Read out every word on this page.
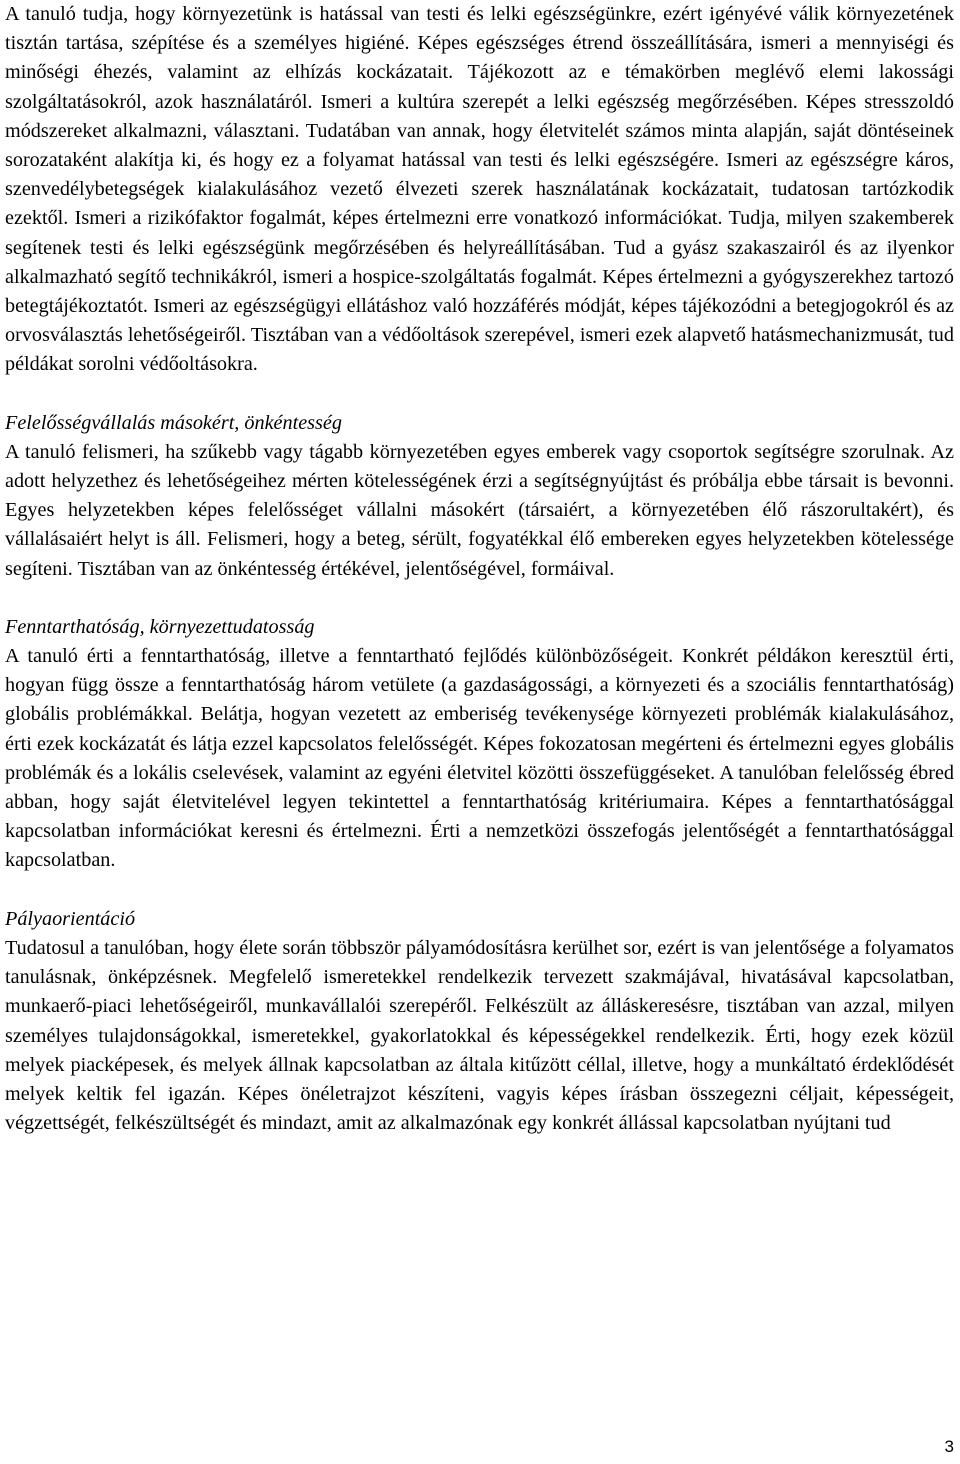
A tanuló tudja, hogy környezetünk is hatással van testi és lelki egészségünkre, ezért igényévé válik környezetének tisztán tartása, szépítése és a személyes higiéné. Képes egészséges étrend összeállítására, ismeri a mennyiségi és minőségi éhezés, valamint az elhízás kockázatait. Tájékozott az e témakörben meglévő elemi lakossági szolgáltatásokról, azok használatáról. Ismeri a kultúra szerepét a lelki egészség megőrzésében. Képes stresszoldó módszereket alkalmazni, választani. Tudatában van annak, hogy életvitelét számos minta alapján, saját döntéseinek sorozataként alakítja ki, és hogy ez a folyamat hatással van testi és lelki egészségére. Ismeri az egészségre káros, szenvedélybetegségek kialakulásához vezető élvezeti szerek használatának kockázatait, tudatosan tartózkodik ezektől. Ismeri a rizikófaktor fogalmát, képes értelmezni erre vonatkozó információkat. Tudja, milyen szakemberek segítenek testi és lelki egészségünk megőrzésében és helyreállításában. Tud a gyász szakaszairól és az ilyenkor alkalmazható segítő technikákról, ismeri a hospice-szolgáltatás fogalmát. Képes értelmezni a gyógyszerekhez tartozó betegtájékoztatót. Ismeri az egészségügyi ellátáshoz való hozzáférés módját, képes tájékozódni a betegjogokról és az orvosválasztás lehetőségeiről. Tisztában van a védőoltások szerepével, ismeri ezek alapvető hatásmechanizmusát, tud példákat sorolni védőoltásokra.

Felelősségvállalás másokért, önkéntesség

A tanuló felismeri, ha szűkebb vagy tágabb környezetében egyes emberek vagy csoportok segítségre szorulnak. Az adott helyzethez és lehetőségeihez mérten kötelességének érzi a segítségnyújtást és próbálja ebbe társait is bevonni. Egyes helyzetekben képes felelősséget vállalni másokért (társaiért, a környezetében élő rászorultakért), és vállalásaiért helyt is áll. Felismeri, hogy a beteg, sérült, fogyatékkal élő embereken egyes helyzetekben kötelessége segíteni. Tisztában van az önkéntesség értékével, jelentőségével, formáival.

Fenntarthatóság, környezettudatosság

A tanuló érti a fenntarthatóság, illetve a fenntartható fejlődés különbözőségeit. Konkrét példákon keresztül érti, hogyan függ össze a fenntarthatóság három vetülete (a gazdaságossági, a környezeti és a szociális fenntarthatóság) globális problémákkal. Belátja, hogyan vezetett az emberiség tevékenysége környezeti problémák kialakulásához, érti ezek kockázatát és látja ezzel kapcsolatos felelősségét. Képes fokozatosan megérteni és értelmezni egyes globális problémák és a lokális cselevések, valamint az egyéni életvitel közötti összefüggéseket. A tanulóban felelősség ébred abban, hogy saját életvitelével legyen tekintettel a fenntarthatóság kritériumaira. Képes a fenntarthatósággal kapcsolatban információkat keresni és értelmezni. Érti a nemzetközi összefogás jelentőségét a fenntarthatósággal kapcsolatban.

Pályaorientáció

Tudatosul a tanulóban, hogy élete során többször pályamódosításra kerülhet sor, ezért is van jelentősége a folyamatos tanulásnak, önképzésnek. Megfelelő ismeretekkel rendelkezik tervezett szakmájával, hivatásával kapcsolatban, munkaerő-piaci lehetőségeiről, munkavállalói szerepéről. Felkészült az álláskeresésre, tisztában van azzal, milyen személyes tulajdonságokkal, ismeretekkel, gyakorlatokkal és képességekkel rendelkezik. Érti, hogy ezek közül melyek piacképesek, és melyek állnak kapcsolatban az általa kitűzött céllal, illetve, hogy a munkáltató érdeklődését melyek keltik fel igazán. Képes önéletrajzot készíteni, vagyis képes írásban összegezni céljait, képességeit, végzettségét, felkészültségét és mindazt, amit az alkalmazónak egy konkrét állással kapcsolatban nyújtani tud

3
